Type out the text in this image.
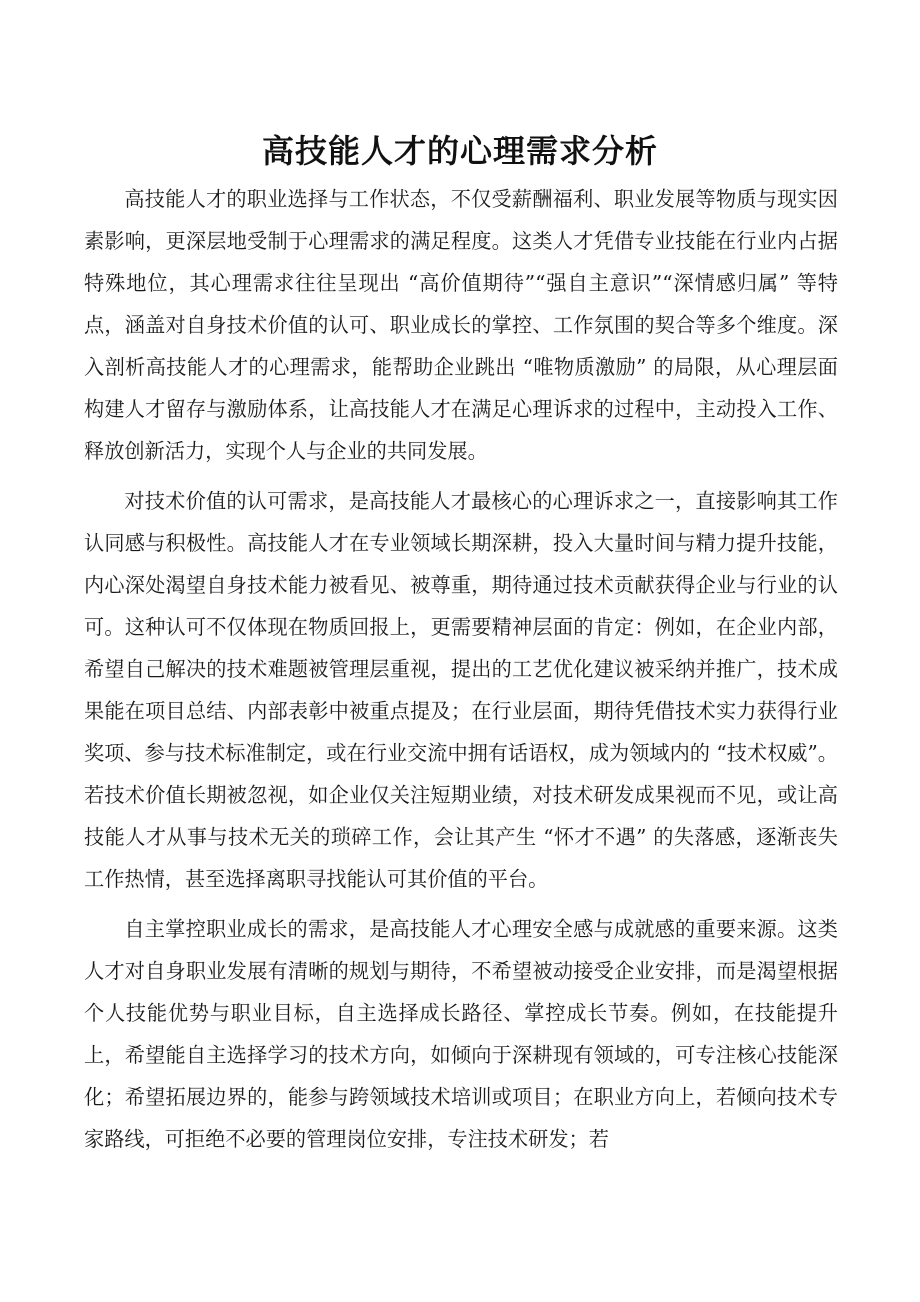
高技能人才的心理需求分析

高技能人才的职业选择与工作状态，不仅受薪酬福利、职业发展等物质与现实因素影响，更深层地受制于心理需求的满足程度。这类人才凭借专业技能在行业内占据特殊地位，其心理需求往往呈现出 “高价值期待”“强自主意识”“深情感归属” 等特点，涵盖对自身技术价值的认可、职业成长的掌控、工作氛围的契合等多个维度。深入剖析高技能人才的心理需求，能帮助企业跳出 “唯物质激励” 的局限，从心理层面构建人才留存与激励体系，让高技能人才在满足心理诉求的过程中，主动投入工作、释放创新活力，实现个人与企业的共同发展。

对技术价值的认可需求，是高技能人才最核心的心理诉求之一，直接影响其工作认同感与积极性。高技能人才在专业领域长期深耕，投入大量时间与精力提升技能，内心深处渴望自身技术能力被看见、被尊重，期待通过技术贡献获得企业与行业的认可。这种认可不仅体现在物质回报上，更需要精神层面的肯定：例如，在企业内部，希望自己解决的技术难题被管理层重视，提出的工艺优化建议被采纳并推广，技术成果能在项目总结、内部表彰中被重点提及；在行业层面，期待凭借技术实力获得行业奖项、参与技术标准制定，或在行业交流中拥有话语权，成为领域内的 “技术权威”。若技术价值长期被忽视，如企业仅关注短期业绩，对技术研发成果视而不见，或让高技能人才从事与技术无关的琐碎工作，会让其产生 “怀才不遇” 的失落感，逐渐丧失工作热情，甚至选择离职寻找能认可其价值的平台。

自主掌控职业成长的需求，是高技能人才心理安全感与成就感的重要来源。这类人才对自身职业发展有清晰的规划与期待，不希望被动接受企业安排，而是渴望根据个人技能优势与职业目标，自主选择成长路径、掌控成长节奏。例如，在技能提升上，希望能自主选择学习的技术方向，如倾向于深耕现有领域的，可专注核心技能深化；希望拓展边界的，能参与跨领域技术培训或项目；在职业方向上，若倾向技术专家路线，可拒绝不必要的管理岗位安排，专注技术研发；若
